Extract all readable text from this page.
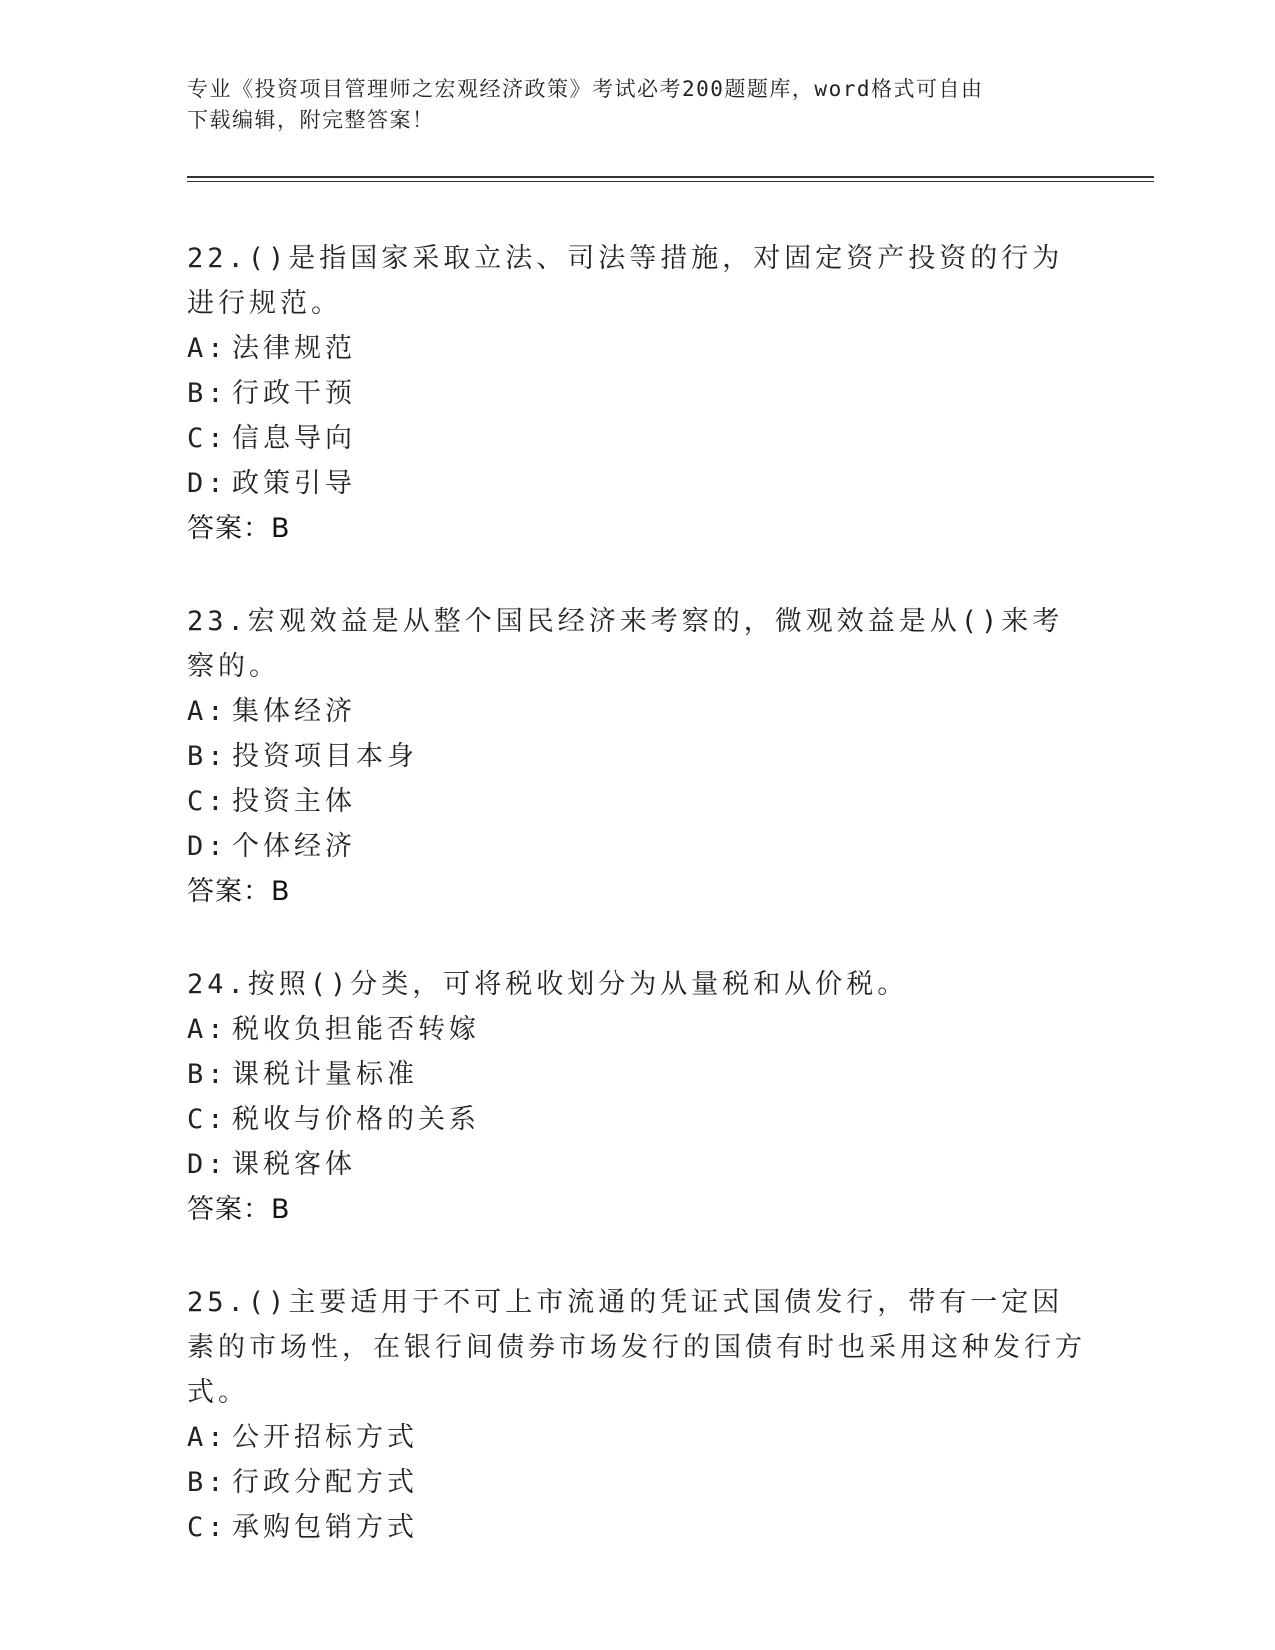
专业《投资项目管理师之宏观经济政策》考试必考200题题库，word格式可自由
下载编辑，附完整答案！

22.()是指国家采取立法、司法等措施，对固定资产投资的行为进行规范。

A: 法律规范

B: 行政干预

C: 信息导向

D: 政策引导

答案：B

23.宏观效益是从整个国民经济来考察的，微观效益是从()来考察的。

A: 集体经济

B: 投资项目本身

C: 投资主体

D: 个体经济

答案：B

24.按照()分类，可将税收划分为从量税和从价税。

A: 税收负担能否转嫁

B: 课税计量标准

C: 税收与价格的关系

D: 课税客体

答案：B

25.()主要适用于不可上市流通的凭证式国债发行，带有一定因素的市场性，在银行间债券市场发行的国债有时也采用这种发行方式。

A: 公开招标方式

B: 行政分配方式

C: 承购包销方式
